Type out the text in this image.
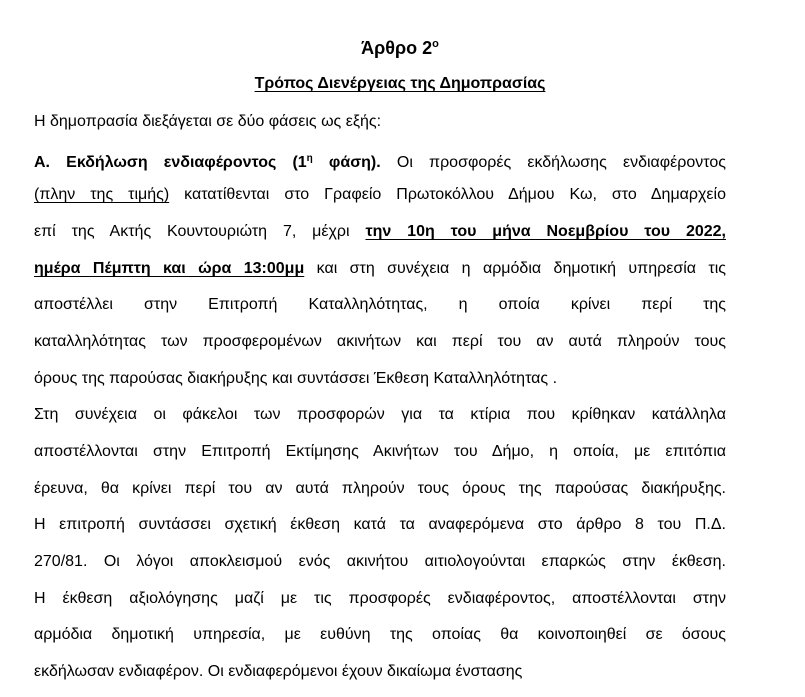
Άρθρο $2^o$
Τρόπος Διενέργειας της Δημοπρασίας
Η δημοπρασία διεξάγεται σε δύο φάσεις ως εξής:
Α. Εκδήλωση ενδιαφέροντος ($1^\eta$ φάση). Οι προσφορές εκδήλωσης ενδιαφέροντος
(πλην της τιμής) κατατίθενται στο Γραφείο Πρωτοκόλλου Δήμου Κω, στο Δημαρχείο
επί της Ακτής Κουντουριώτη 7, μέχρι την 10η του μήνα Νοεμβρίου του 2022,
ημέρα Πέμπτη και ώρα 13:00μμ και στη συνέχεια η αρμόδια δημοτική υπηρεσία τις
αποστέλλει στην Επιτροπή Καταλληλότητας, η οποία κρίνει περί της
καταλληλότητας των προσφερομένων ακινήτων και περί του αν αυτά πληρούν τους
όρους της παρούσας διακήρυξης και συντάσσει Έκθεση Καταλληλότητας .
Στη συνέχεια οι φάκελοι των προσφορών για τα κτίρια που κρίθηκαν κατάλληλα
αποστέλλονται στην Επιτροπή Εκτίμησης Ακινήτων του Δήμο, η οποία, με επιτόπια
έρευνα, θα κρίνει περί του αν αυτά πληρούν τους όρους της παρούσας διακήρυξης.
Η επιτροπή συντάσσει σχετική έκθεση κατά τα αναφερόμενα στο άρθρο 8 του Π.Δ.
270/81. Οι λόγοι αποκλεισμού ενός ακινήτου αιτιολογούνται επαρκώς στην έκθεση.
Η έκθεση αξιολόγησης μαζί με τις προσφορές ενδιαφέροντος, αποστέλλονται στην
αρμόδια δημοτική υπηρεσία, με ευθύνη της οποίας θα κοινοποιηθεί σε όσους
εκδήλωσαν ενδιαφέρον. Οι ενδιαφερόμενοι έχουν δικαίωμα ένστασης
